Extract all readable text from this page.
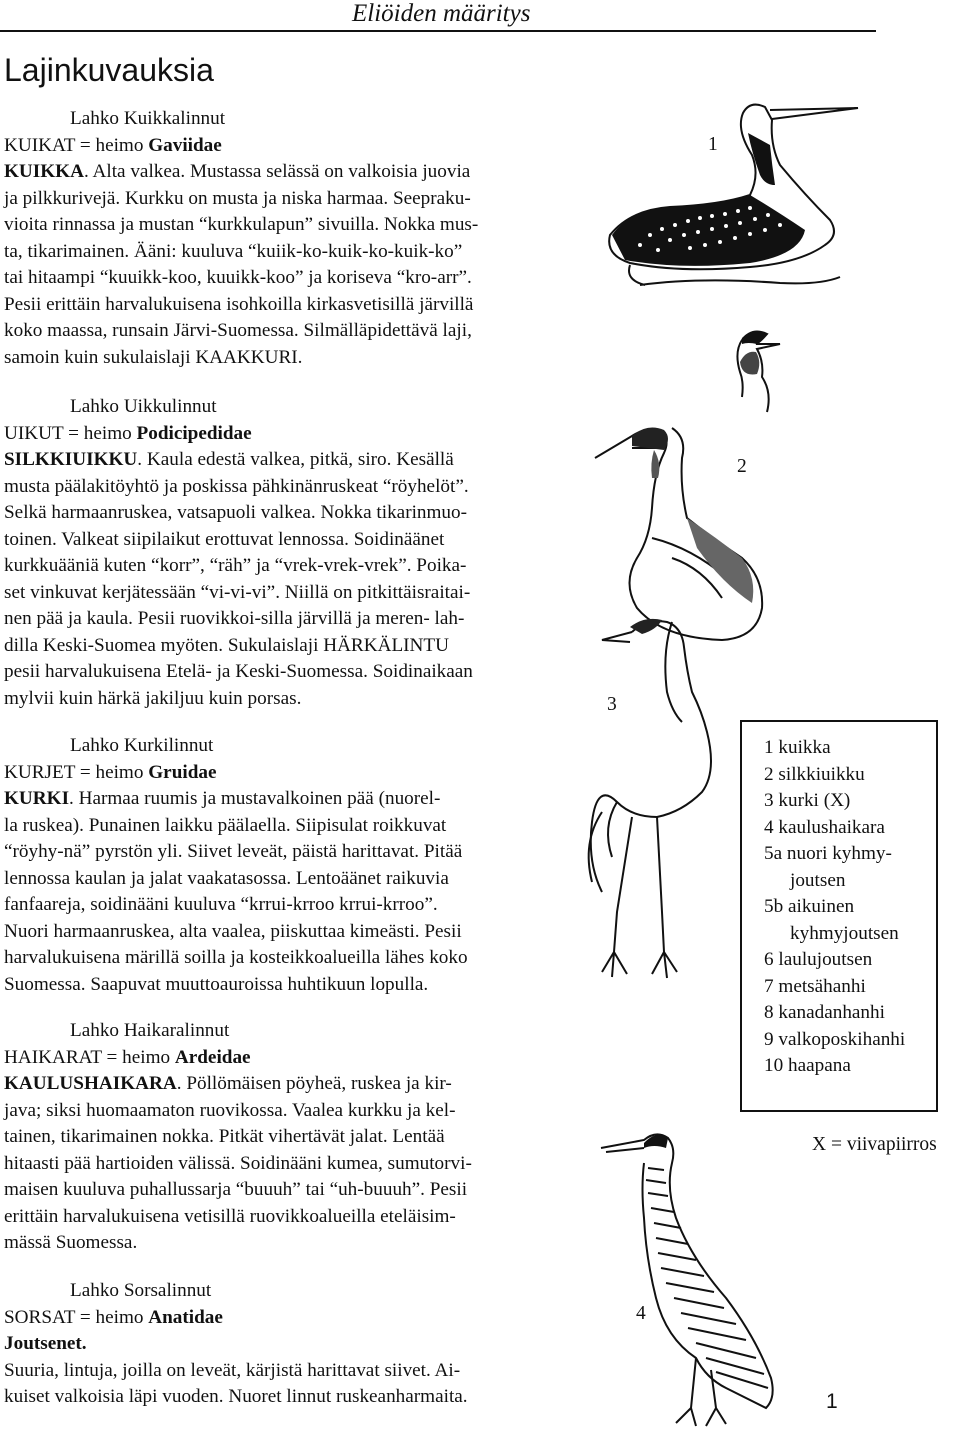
Eliöiden määritys
Lajinkuvauksia
Lahko Kuikkalinnut
KUIKAT = heimo Gaviidae
KUIKKA. Alta valkea. Mustassa selässä on valkoisia juovia
ja pilkkurivejä. Kurkku on musta ja niska harmaa. Seepraku-
vioita rinnassa ja mustan “kurkkulapun” sivuilla. Nokka mus-
ta, tikarimainen. Ääni: kuuluva “kuiik-ko-kuik-ko-kuik-ko”
tai hitaampi “kuuikk-koo, kuuikk-koo” ja koriseva “kro-arr”.
Pesii erittäin harvalukuisena isohkoilla kirkasvetisillä järvillä
koko maassa, runsain Järvi-Suomessa. Silmälläpidettävä laji,
samoin kuin sukulaislaji KAAKKURI.
Lahko Uikkulinnut
UIKUT = heimo Podicipedidae
SILKKIUIKKU. Kaula edestä valkea, pitkä, siro. Kesällä
musta päälakitöyhtö ja poskissa pähkinänruskeat “röyhelöt”.
Selkä harmaanruskea, vatsapuoli valkea. Nokka tikarinmuo-
toinen. Valkeat siipilaikut erottuvat lennossa. Soidinäänet
kurkkuääniä kuten “korr”, “räh” ja “vrek-vrek-vrek”. Poika-
set vinkuvat kerjätessään “vi-vi-vi”. Niillä on pitkittäisraitai-
nen pää ja kaula. Pesii ruovikkoi-silla järvillä ja meren- lah-
dilla Keski-Suomea myöten. Sukulaislaji HÄRKÄLINTU
pesii harvalukuisena Etelä- ja Keski-Suomessa. Soidinaikaan
mylvii kuin härkä jakiljuu kuin porsas.
Lahko Kurkilinnut
KURJET = heimo Gruidae
KURKI. Harmaa ruumis ja mustavalkoinen pää (nuorel-
la ruskea). Punainen laikku päälaella. Siipisulat roikkuvat
“röyhy-nä” pyrstön yli. Siivet leveät, päistä harittavat. Pitää
lennossa kaulan ja jalat vaakatasossa. Lentoäänet raikuvia
fanfaareja, soidinääni kuuluva “krrui-krroo krrui-krroo”.
Nuori harmaanruskea, alta vaalea, piiskuttaa kimeästi. Pesii
harvalukuisena märillä soilla ja kosteikkoalueilla lähes koko
Suomessa. Saapuvat muuttoauroissa huhtikuun lopulla.
Lahko Haikaralinnut
HAIKARAT = heimo Ardeidae
KAULUSHAIKARA. Pöllömäisen pöyheä, ruskea ja kir-
java; siksi huomaamaton ruovikossa. Vaalea kurkku ja kel-
tainen, tikarimainen nokka. Pitkät vihertävät jalat. Lentää
hitaasti pää hartioiden välissä. Soidinääni kumea, sumutorvi-
maisen kuuluva puhallussarja “buuuh” tai “uh-buuuh”. Pesii
erittäin harvalukuisena vetisillä ruovikkoalueilla eteläisim-
mässä Suomessa.
Lahko Sorsalinnut
SORSAT = heimo Anatidae
Joutsenet.
Suuria, lintuja, joilla on leveät, kärjistä harittavat siivet. Ai-
kuiset valkoisia läpi vuoden. Nuoret linnut ruskeanharmaita.
1
2
3
4
1 kuikka
2 silkkiuikku
3 kurki (X)
4 kaulushaikara
5a nuori kyhmy-
joutsen
5b aikuinen
kyhmyjoutsen
6 laulujoutsen
7 metsähanhi
8 kanadanhanhi
9 valkoposkihanhi
10 haapana
X = viivapiirros
1
